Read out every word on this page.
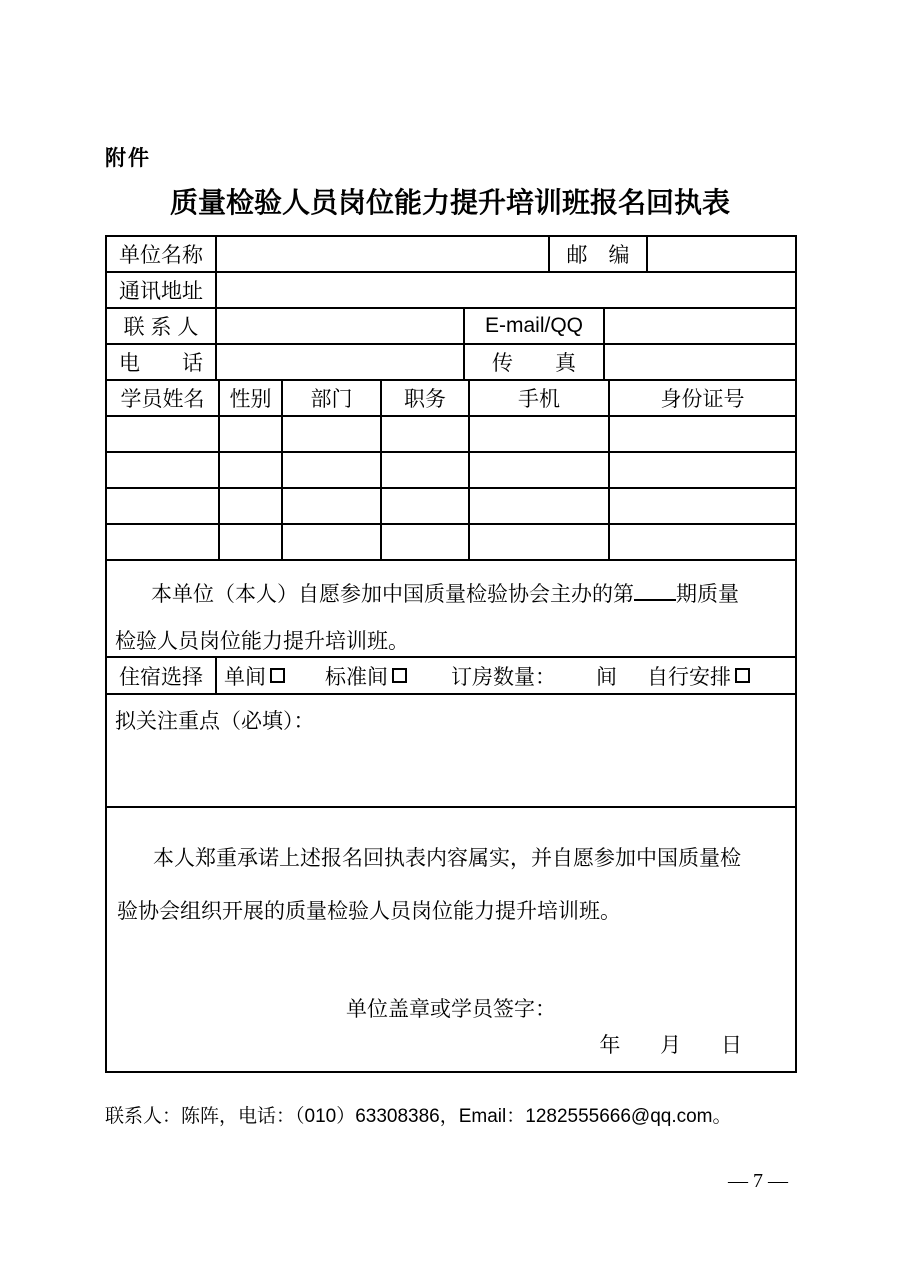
附件
质量检验人员岗位能力提升培训班报名回执表
单位名称	邮　编
通讯地址
联 系 人	E-mail/QQ
电　　话	传　　真
学员姓名 性别 部门 职务	手机	身份证号
本单位（本人）自愿参加中国质量检验协会主办的第 期质量
检验人员岗位能力提升培训班。
住宿选择 单间	标准间	订房数量： 间 自行安排
拟关注重点（必填）：
本人郑重承诺上述报名回执表内容属实，并自愿参加中国质量检
验协会组织开展的质量检验人员岗位能力提升培训班。
单位盖章或学员签字：
年 月 日
联系人：陈阵，电话：（010）63308386，Email：1282555666@qq.com。
— 7 —
